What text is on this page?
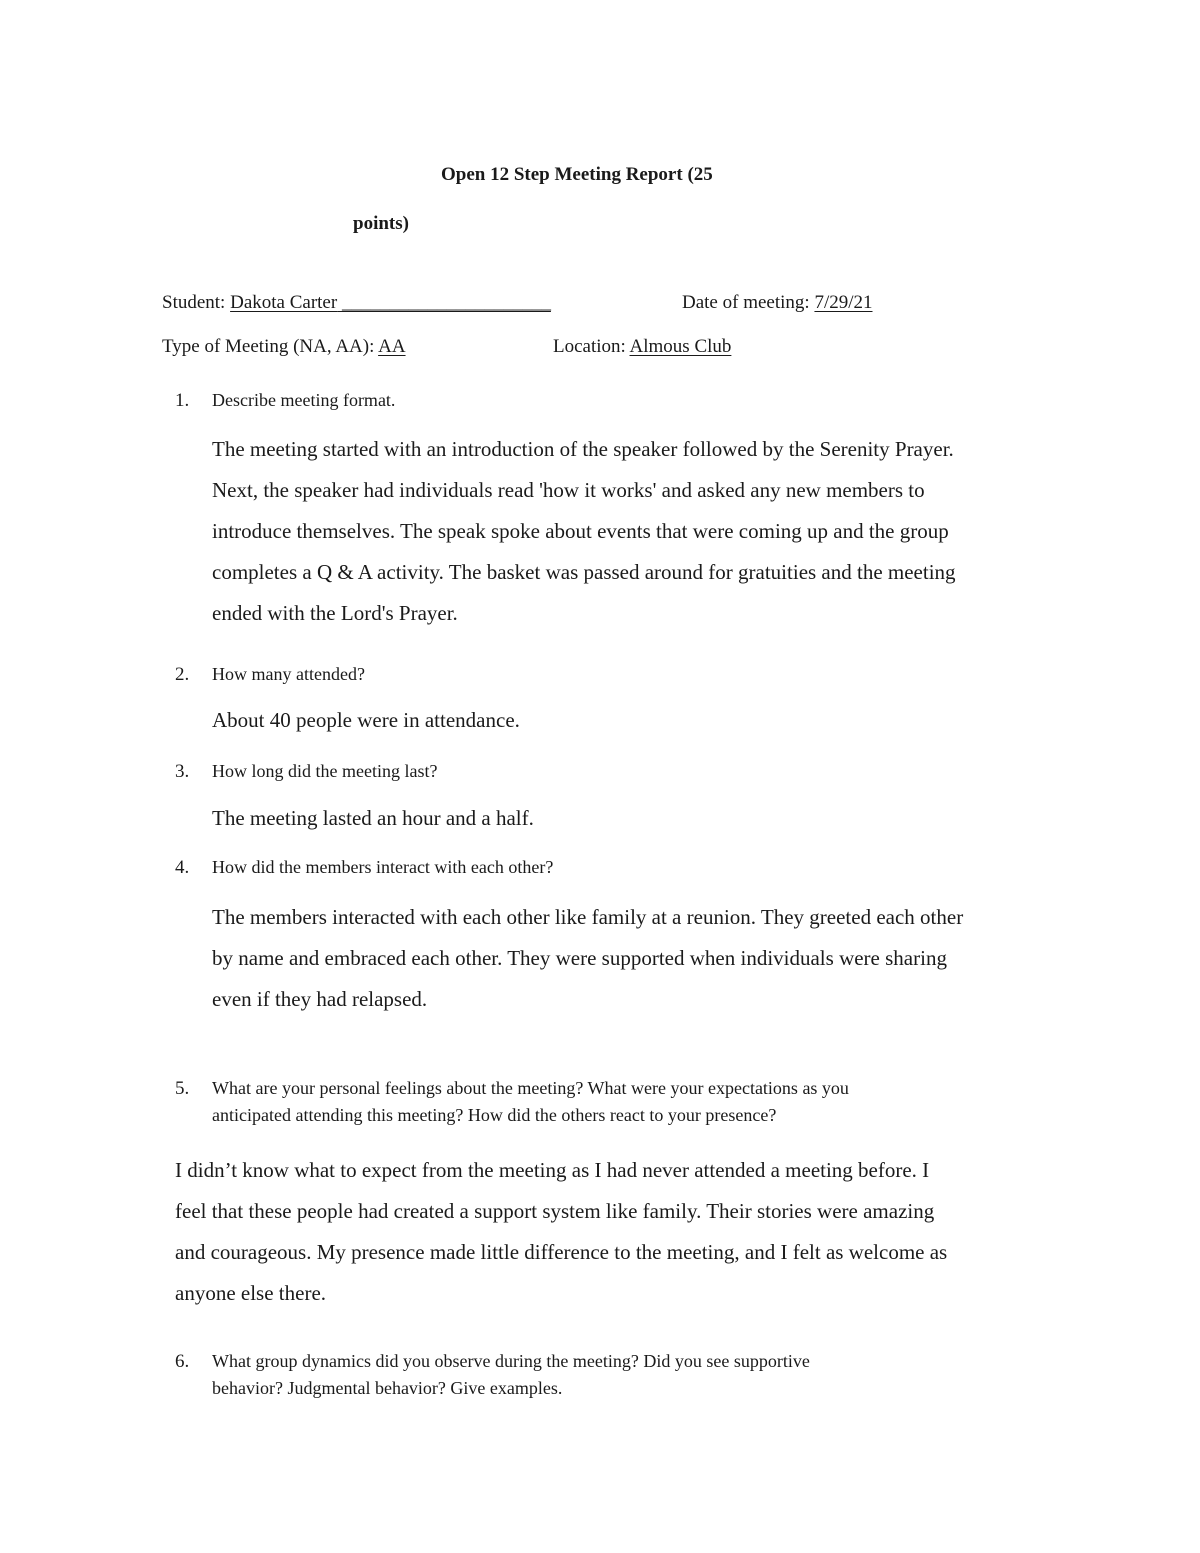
Open 12 Step Meeting Report (25
points)
Student: Dakota Carter ______________________	Date of meeting: 7/29/21
Type of Meeting (NA, AA): AA	Location: Almous Club
1. Describe meeting format.
The meeting started with an introduction of the speaker followed by the Serenity Prayer.
Next, the speaker had individuals read 'how it works' and asked any new members to
introduce themselves. The speak spoke about events that were coming up and the group
completes a Q & A activity. The basket was passed around for gratuities and the meeting
ended with the Lord's Prayer.
2. How many attended?
About 40 people were in attendance.
3. How long did the meeting last?
The meeting lasted an hour and a half.
4. How did the members interact with each other?
The members interacted with each other like family at a reunion. They greeted each other
by name and embraced each other. They were supported when individuals were sharing
even if they had relapsed.
5. What are your personal feelings about the meeting? What were your expectations as you
anticipated attending this meeting? How did the others react to your presence?
I didn’t know what to expect from the meeting as I had never attended a meeting before. I
feel that these people had created a support system like family. Their stories were amazing
and courageous. My presence made little difference to the meeting, and I felt as welcome as
anyone else there.
6. What group dynamics did you observe during the meeting? Did you see supportive
behavior? Judgmental behavior? Give examples.
